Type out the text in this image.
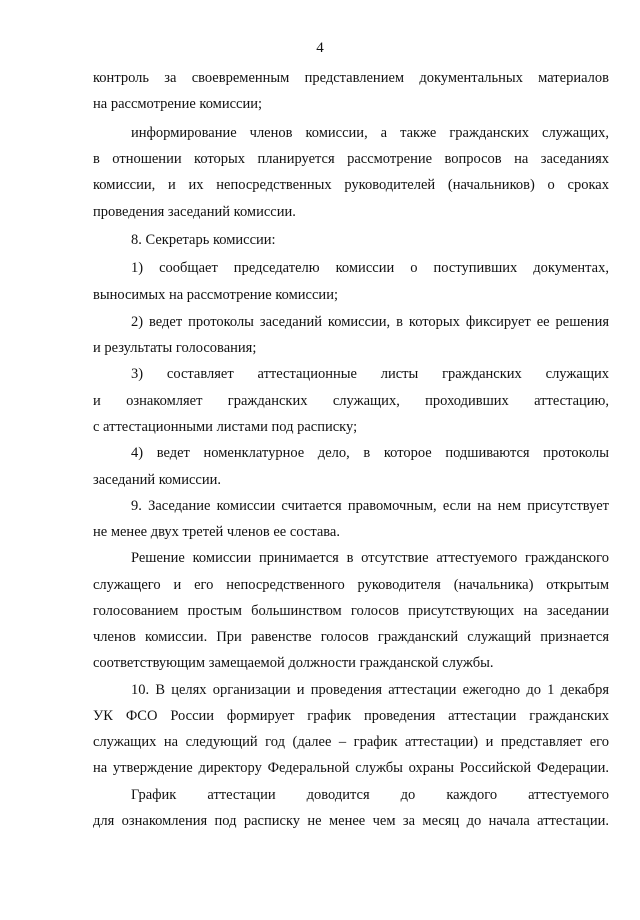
4
контроль за своевременным представлением документальных материалов
на рассмотрение комиссии;
информирование членов комиссии, а также гражданских служащих,
в отношении которых планируется рассмотрение вопросов на заседаниях
комиссии, и их непосредственных руководителей (начальников) о сроках
проведения заседаний комиссии.
8. Секретарь комиссии:
1) сообщает председателю комиссии о поступивших документах,
выносимых на рассмотрение комиссии;
2) ведет протоколы заседаний комиссии, в которых фиксирует ее решения
и результаты голосования;
3) составляет аттестационные листы гражданских служащих
и ознакомляет гражданских служащих, проходивших аттестацию,
с аттестационными листами под расписку;
4) ведет номенклатурное дело, в которое подшиваются протоколы
заседаний комиссии.
9. Заседание комиссии считается правомочным, если на нем присутствует
не менее двух третей членов ее состава.
Решение комиссии принимается в отсутствие аттестуемого гражданского
служащего и его непосредственного руководителя (начальника) открытым
голосованием простым большинством голосов присутствующих на заседании
членов комиссии. При равенстве голосов гражданский служащий признается
соответствующим замещаемой должности гражданской службы.
10. В целях организации и проведения аттестации ежегодно до 1 декабря
УК ФСО России формирует график проведения аттестации гражданских
служащих на следующий год (далее – график аттестации) и представляет его
на утверждение директору Федеральной службы охраны Российской Федерации.
График аттестации доводится до каждого аттестуемого
для ознакомления под расписку не менее чем за месяц до начала аттестации.
